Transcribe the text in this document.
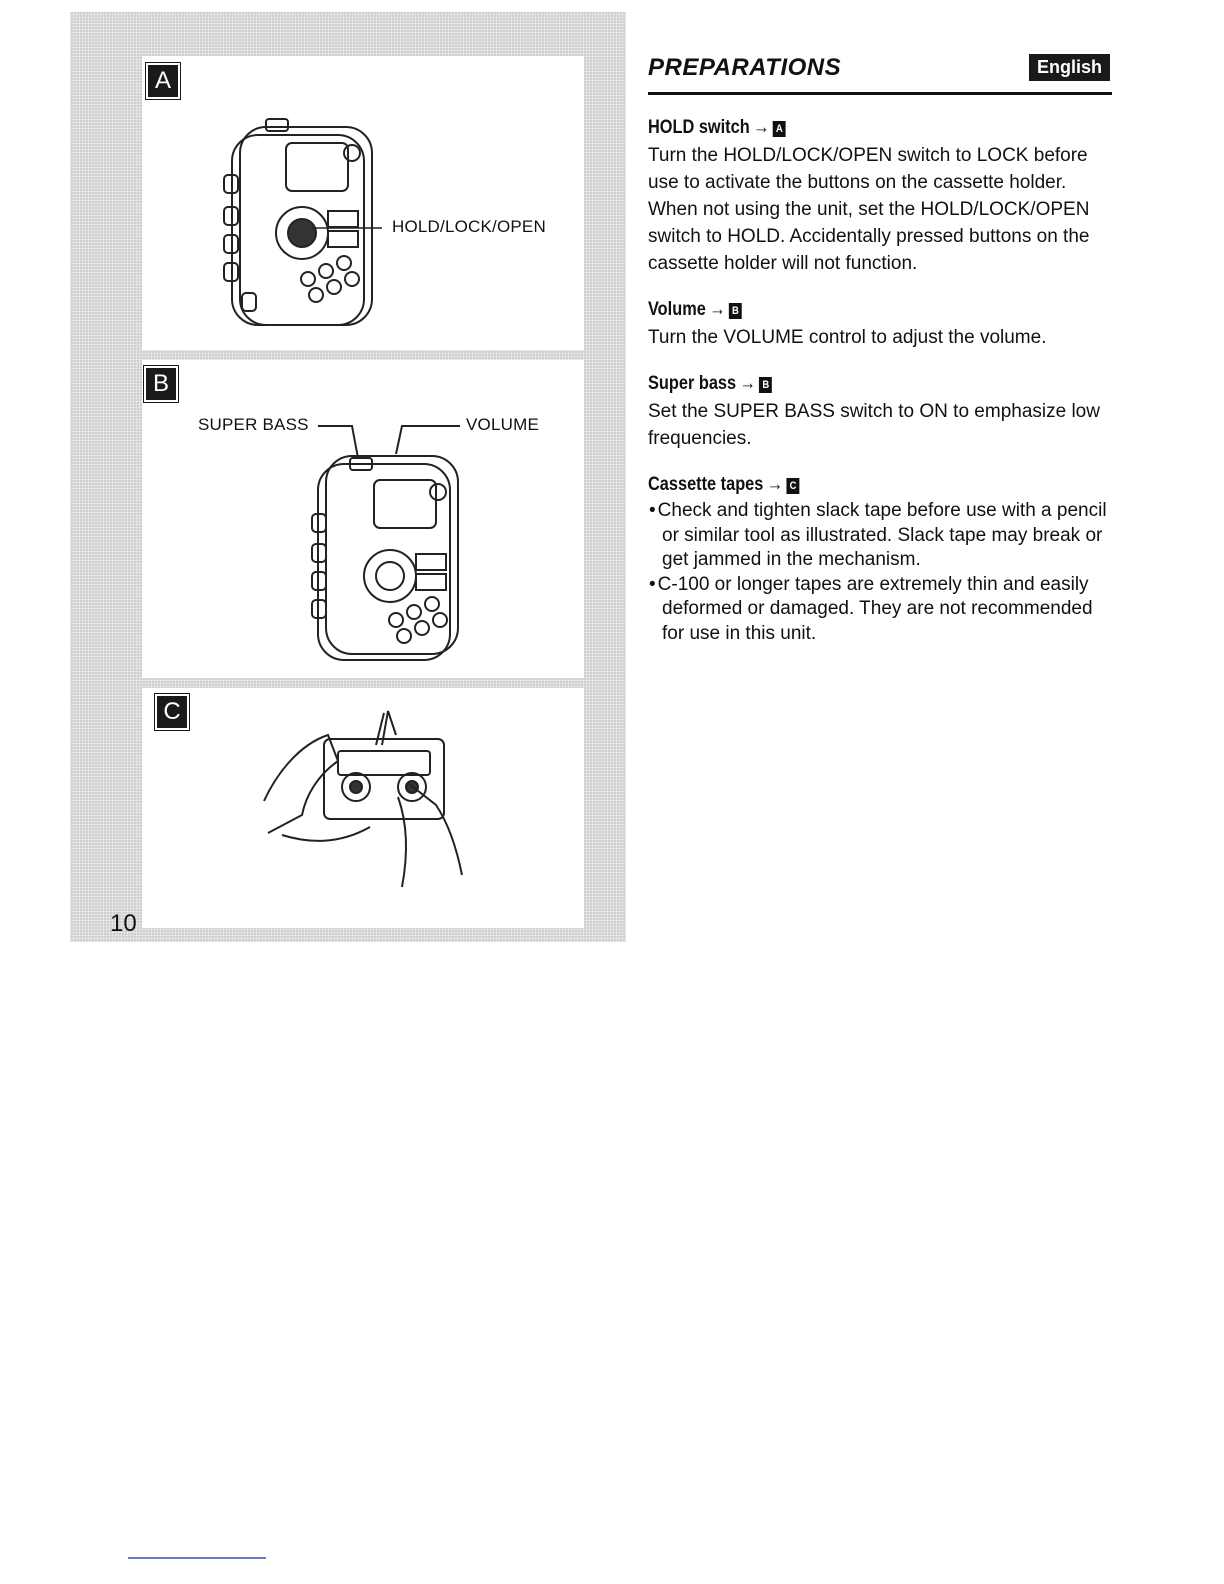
A
B
C
HOLD/LOCK/OPEN
SUPER BASS	VOLUME
10
PREPARATIONS	English
HOLD switch → A
Turn the HOLD/LOCK/OPEN switch to LOCK before use to activate the buttons on the cassette holder. When not using the unit, set the HOLD/LOCK/OPEN switch to HOLD. Accidentally pressed buttons on the cassette holder will not function.
Volume → B
Turn the VOLUME control to adjust the volume.
Super bass → B
Set the SUPER BASS switch to ON to emphasize low frequencies.
Cassette tapes → C
• Check and tighten slack tape before use with a pencil or similar tool as illustrated. Slack tape may break or get jammed in the mechanism.
• C-100 or longer tapes are extremely thin and easily deformed or damaged. They are not recommended for use in this unit.
